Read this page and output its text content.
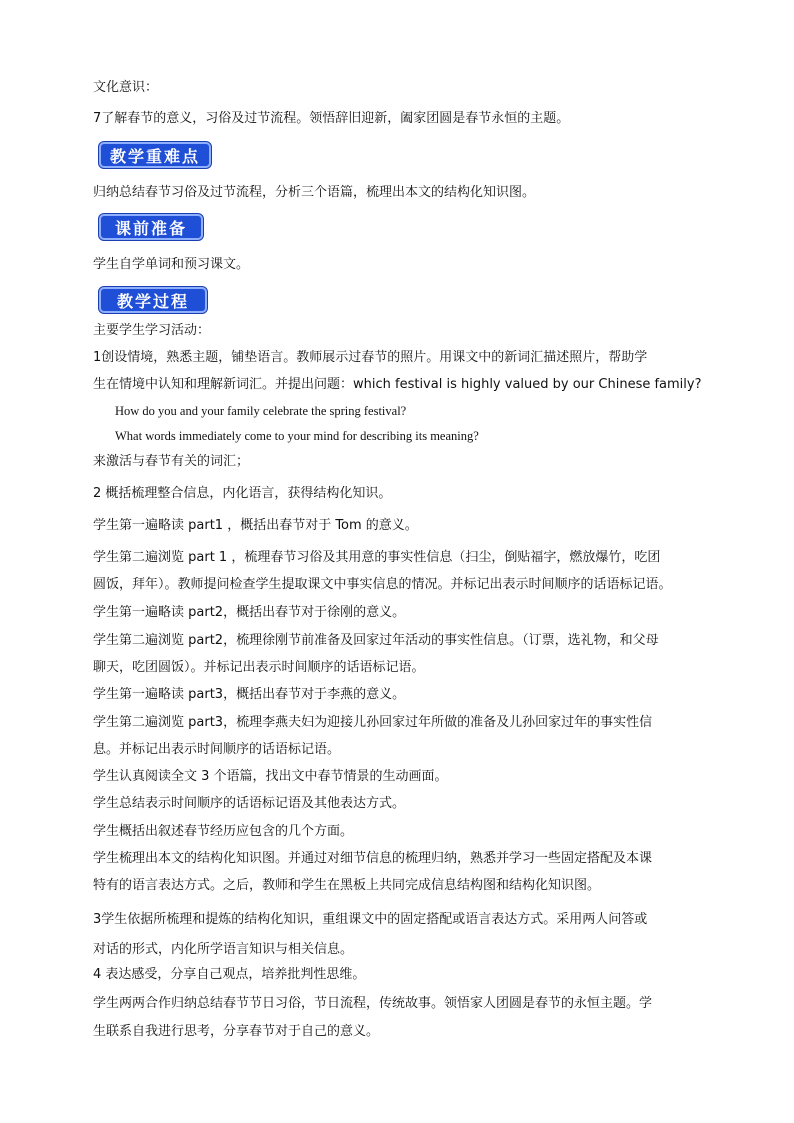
文化意识：
7了解春节的意义，习俗及过节流程。领悟辞旧迎新，阖家团圆是春节永恒的主题。
教学重难点
归纳总结春节习俗及过节流程，分析三个语篇，梳理出本文的结构化知识图。
课前准备
学生自学单词和预习课文。
教学过程
主要学生学习活动：
1创设情境，熟悉主题，铺垫语言。教师展示过春节的照片。用课文中的新词汇描述照片，帮助学
生在情境中认知和理解新词汇。并提出问题：which festival is highly valued by our Chinese family?
How do you and your family celebrate the spring festival?
What words immediately come to your mind for describing its meaning?
来激活与春节有关的词汇；
2 概括梳理整合信息，内化语言，获得结构化知识。
学生第一遍略读 part1 ，概括出春节对于 Tom 的意义。
学生第二遍浏览 part 1 ，梳理春节习俗及其用意的事实性信息（扫尘，倒贴福字，燃放爆竹，吃团
圆饭，拜年）。教师提问检查学生提取课文中事实信息的情况。并标记出表示时间顺序的话语标记语。
学生第一遍略读 part2，概括出春节对于徐刚的意义。
学生第二遍浏览 part2，梳理徐刚节前准备及回家过年活动的事实性信息。（订票，选礼物，和父母
聊天，吃团圆饭）。并标记出表示时间顺序的话语标记语。
学生第一遍略读 part3，概括出春节对于李燕的意义。
学生第二遍浏览 part3，梳理李燕夫妇为迎接儿孙回家过年所做的准备及儿孙回家过年的事实性信
息。并标记出表示时间顺序的话语标记语。
学生认真阅读全文 3 个语篇，找出文中春节情景的生动画面。
学生总结表示时间顺序的话语标记语及其他表达方式。
学生概括出叙述春节经历应包含的几个方面。
学生梳理出本文的结构化知识图。并通过对细节信息的梳理归纳，熟悉并学习一些固定搭配及本课
特有的语言表达方式。之后，教师和学生在黑板上共同完成信息结构图和结构化知识图。
3学生依据所梳理和提炼的结构化知识，重组课文中的固定搭配或语言表达方式。采用两人问答或
对话的形式，内化所学语言知识与相关信息。
4 表达感受，分享自己观点，培养批判性思维。
学生两两合作归纳总结春节节日习俗，节日流程，传统故事。领悟家人团圆是春节的永恒主题。学
生联系自我进行思考，分享春节对于自己的意义。
